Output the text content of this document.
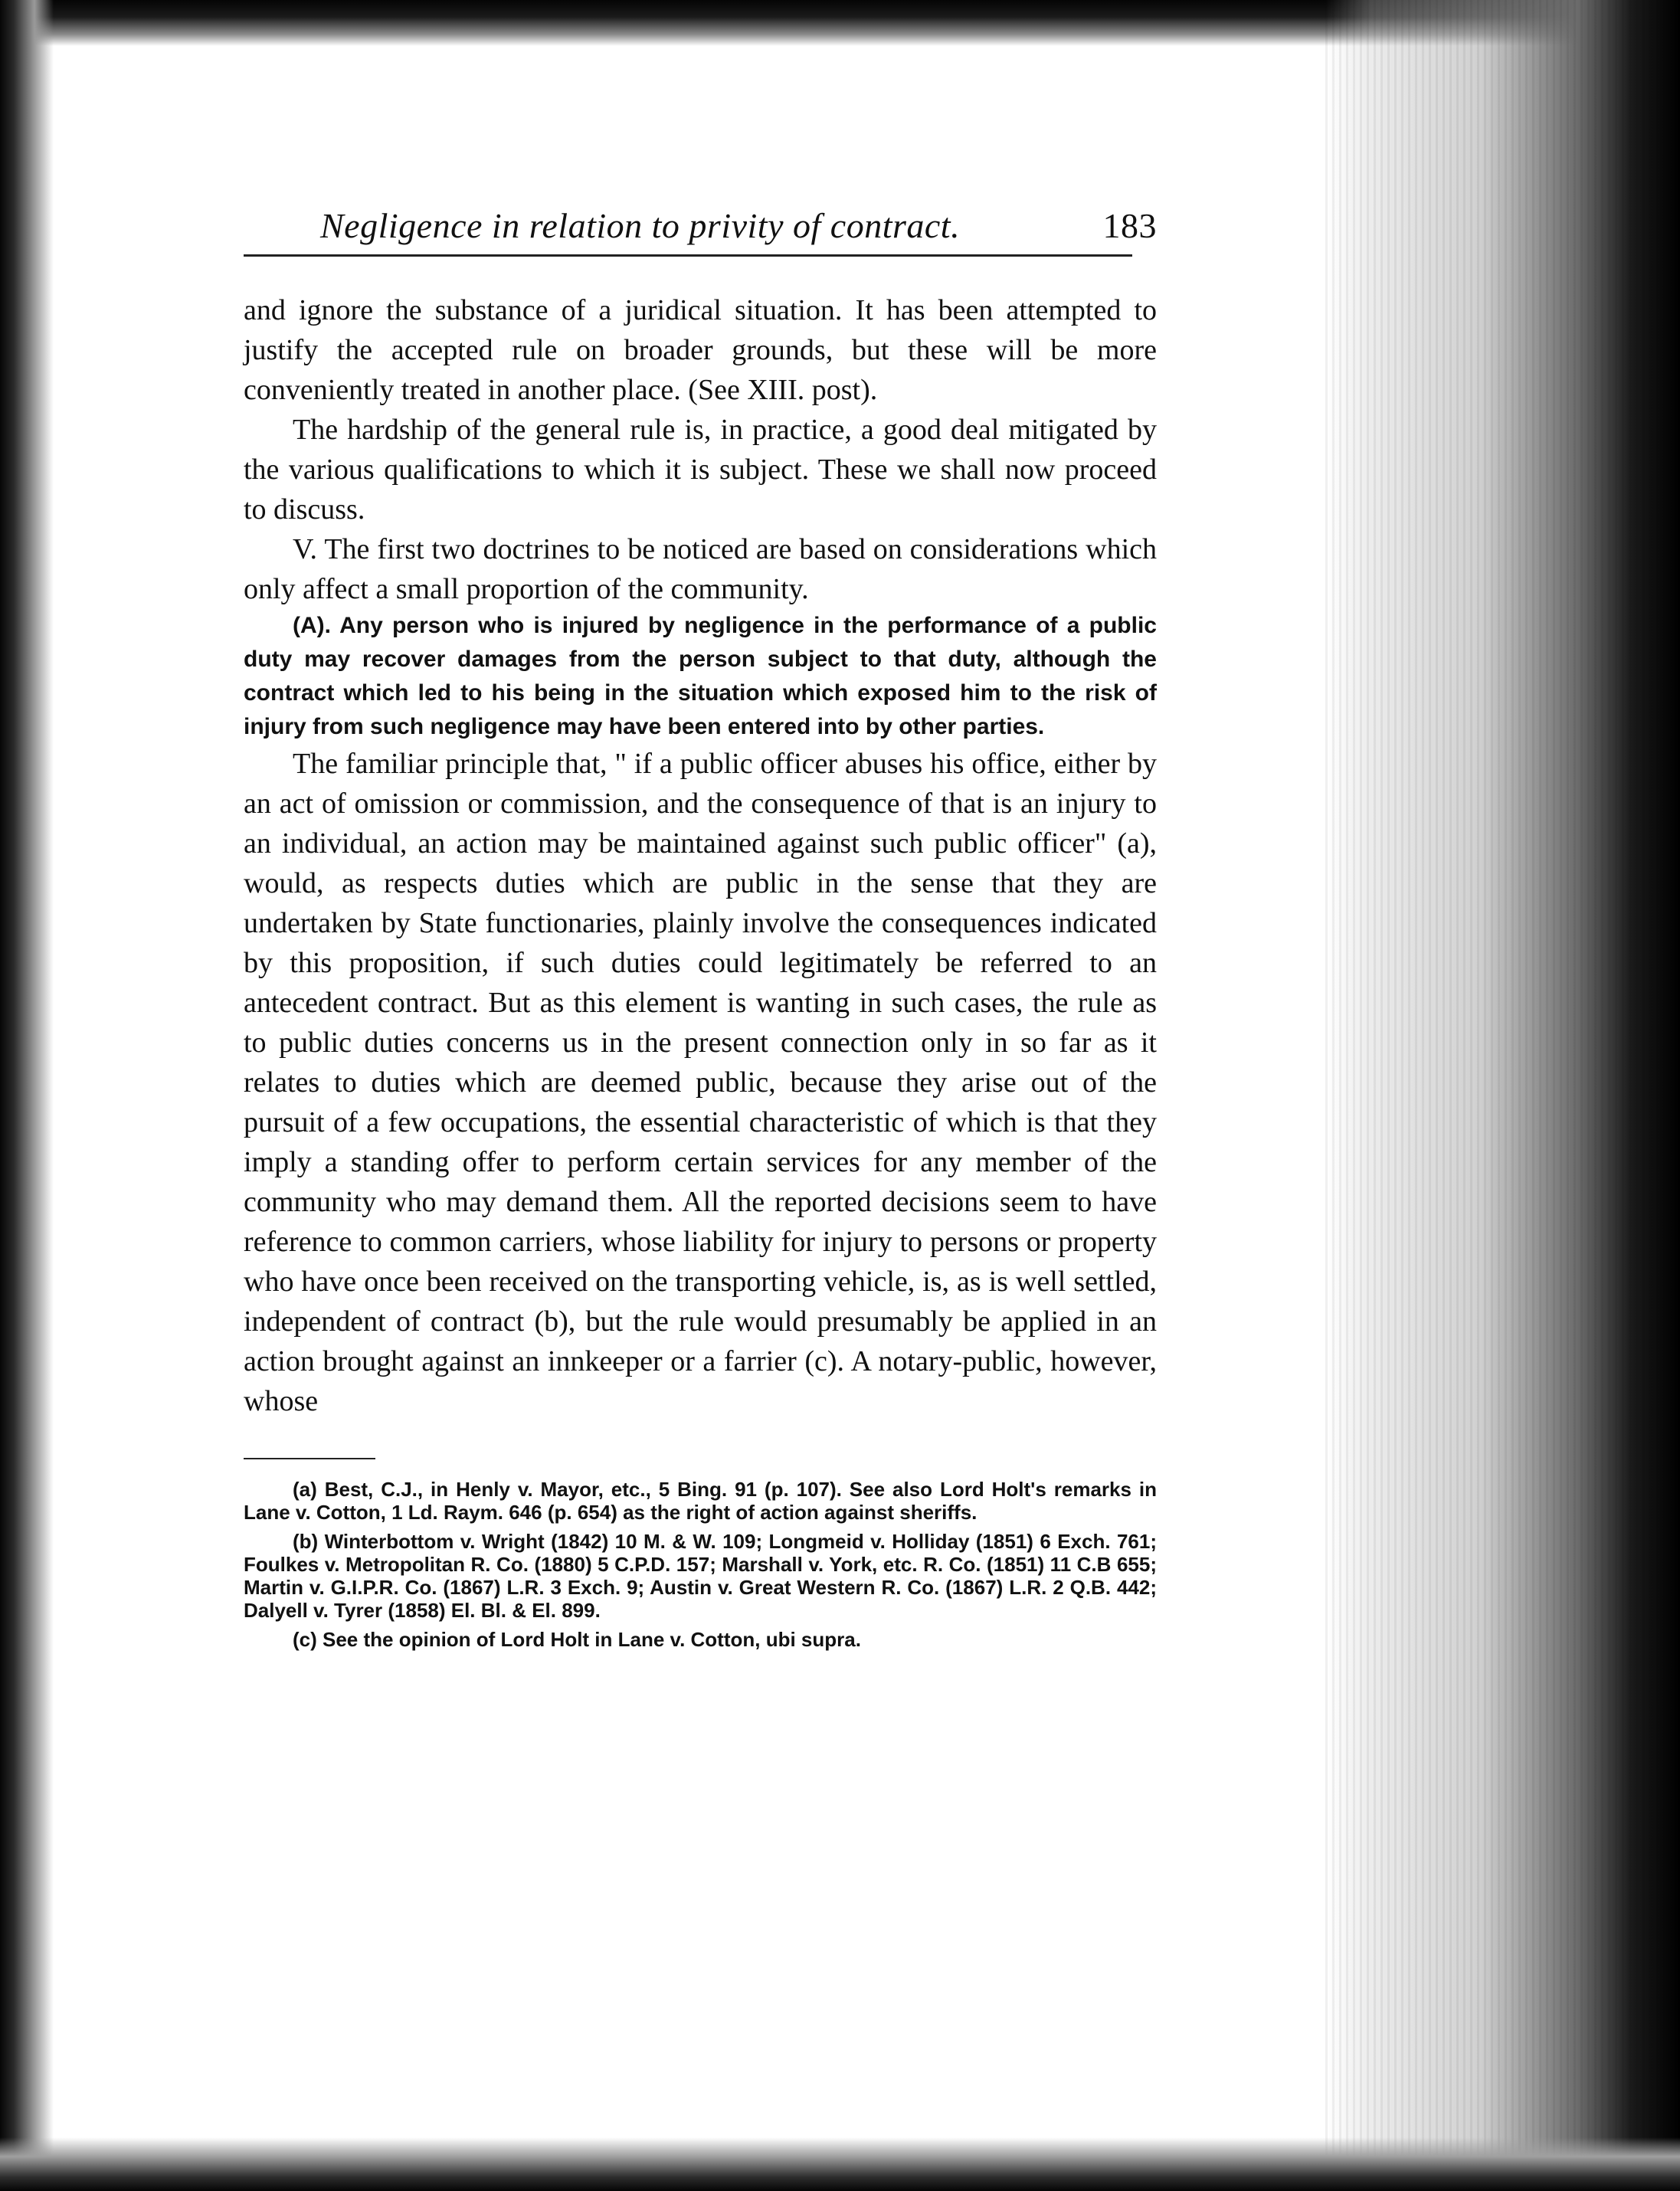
Negligence in relation to privity of contract.	183

and ignore the substance of a juridical situation. It has been attempted to justify the accepted rule on broader grounds, but these will be more conveniently treated in another place. (See XIII. post).

The hardship of the general rule is, in practice, a good deal mitigated by the various qualifications to which it is subject. These we shall now proceed to discuss.

V. The first two doctrines to be noticed are based on considerations which only affect a small proportion of the community.

(A). Any person who is injured by negligence in the performance of a public duty may recover damages from the person subject to that duty, although the contract which led to his being in the situation which exposed him to the risk of injury from such negligence may have been entered into by other parties.

The familiar principle that, " if a public officer abuses his office, either by an act of omission or commission, and the consequence of that is an injury to an individual, an action may be maintained against such public officer" (a), would, as respects duties which are public in the sense that they are undertaken by State functionaries, plainly involve the consequences indicated by this proposition, if such duties could legitimately be referred to an antecedent contract. But as this element is wanting in such cases, the rule as to public duties concerns us in the present connection only in so far as it relates to duties which are deemed public, because they arise out of the pursuit of a few occupations, the essential characteristic of which is that they imply a standing offer to perform certain services for any member of the community who may demand them. All the reported decisions seem to have reference to common carriers, whose liability for injury to persons or property who have once been received on the transporting vehicle, is, as is well settled, independent of contract (b), but the rule would presumably be applied in an action brought against an innkeeper or a farrier (c). A notary-public, however, whose

(a) Best, C.J., in Henly v. Mayor, etc., 5 Bing. 91 (p. 107). See also Lord Holt's remarks in Lane v. Cotton, 1 Ld. Raym. 646 (p. 654) as the right of action against sheriffs.

(b) Winterbottom v. Wright (1842) 10 M. & W. 109; Longmeid v. Holliday (1851) 6 Exch. 761; Foulkes v. Metropolitan R. Co. (1880) 5 C.P.D. 157; Marshall v. York, etc. R. Co. (1851) 11 C.B 655; Martin v. G.I.P.R. Co. (1867) L.R. 3 Exch. 9; Austin v. Great Western R. Co. (1867) L.R. 2 Q.B. 442; Dalyell v. Tyrer (1858) El. Bl. & El. 899.

(c) See the opinion of Lord Holt in Lane v. Cotton, ubi supra.
